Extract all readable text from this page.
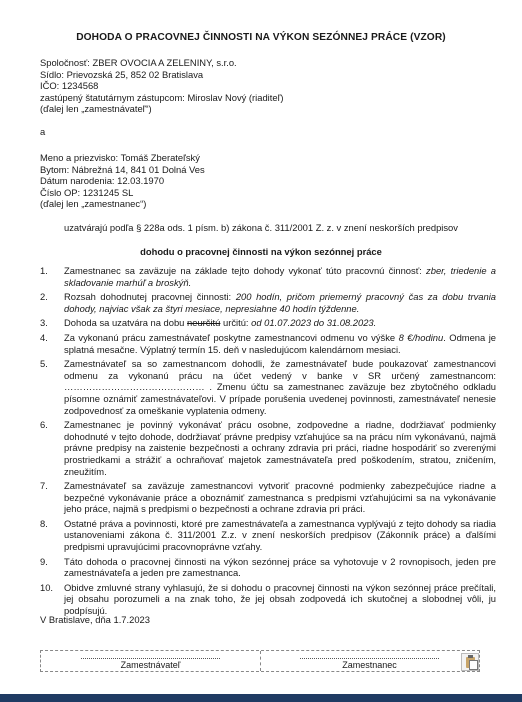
DOHODA O PRACOVNEJ ČINNOSTI NA VÝKON SEZÓNNEJ PRÁCE (VZOR)
Spoločnosť: ZBER OVOCIA A ZELENINY, s.r.o.
Sídlo: Prievozská 25, 852 02 Bratislava
IČO: 1234568
zastúpený štatutárnym zástupcom: Miroslav Nový (riaditeľ)
(ďalej len „zamestnávateľ“)
a
Meno a priezvisko: Tomáš Zberateľský
Bytom: Nábrežná 14, 841 01 Dolná Ves
Dátum narodenia: 12.03.1970
Číslo OP: 1231245 SL
(ďalej len „zamestnanec“)
uzatvárajú podľa § 228a ods. 1 písm. b) zákona č. 311/2001 Z. z. v znení neskorších predpisov
dohodu o pracovnej činnosti na výkon sezónnej práce
1. Zamestnanec sa zaväzuje na základe tejto dohody vykonať túto pracovnú činnosť: zber, triedenie a skladovanie marhúľ a broskýň.
2. Rozsah dohodnutej pracovnej činnosti: 200 hodín, pričom priemerný pracovný čas za dobu trvania dohody, najviac však za štyri mesiace, nepresiahne 40 hodín týždenne.
3. Dohoda sa uzatvára na dobu neurčitú určitú: od 01.07.2023 do 31.08.2023.
4. Za vykonanú prácu zamestnávateľ poskytne zamestnancovi odmenu vo výške 8 €/hodinu. Odmena je splatná mesačne. Výplatný termín 15. deň v nasledujúcom kalendárnom mesiaci.
5. Zamestnávateľ sa so zamestnancom dohodli, že zamestnávateľ bude poukazovať zamestnancovi odmenu za vykonanú prácu na účet vedený v banke v SR určený zamestnancom: ……………………………………… . Zmenu účtu sa zamestnanec zaväzuje bez zbytočného odkladu písomne oznámiť zamestnávateľovi. V prípade porušenia uvedenej povinnosti, zamestnávateľ nenesie zodpovednosť za omeškanie vyplatenia odmeny.
6. Zamestnanec je povinný vykonávať prácu osobne, zodpovedne a riadne, dodržiavať podmienky dohodnuté v tejto dohode, dodržiavať právne predpisy vzťahujúce sa na prácu ním vykonávanú, najmä právne predpisy na zaistenie bezpečnosti a ochrany zdravia pri práci, riadne hospodáriť so zverenými prostriedkami a strážiť a ochraňovať majetok zamestnávateľa pred poškodením, stratou, zničením, zneužitím.
7. Zamestnávateľ sa zaväzuje zamestnancovi vytvoriť pracovné podmienky zabezpečujúce riadne a bezpečné vykonávanie práce a oboznámiť zamestnanca s predpismi vzťahujúcimi sa na vykonávanie jeho práce, najmä s predpismi o bezpečnosti a ochrane zdravia pri práci.
8. Ostatné práva a povinnosti, ktoré pre zamestnávateľa a zamestnanca vyplývajú z tejto dohody sa riadia ustanoveniami zákona č. 311/2001 Z.z. v znení neskorších predpisov (Zákonník práce) a ďalšími predpismi upravujúcimi pracovnoprávne vzťahy.
9. Táto dohoda o pracovnej činnosti na výkon sezónnej práce sa vyhotovuje v 2 rovnopisoch, jeden pre zamestnávateľa a jeden pre zamestnanca.
10. Obidve zmluvné strany vyhlasujú, že si dohodu o pracovnej činnosti na výkon sezónnej práce prečítali, jej obsahu porozumeli a na znak toho, že jej obsah zodpovedá ich skutočnej a slobodnej vôli, ju podpísujú.
V Bratislave, dňa 1.7.2023
Zamestnávateľ	Zamestnanec
